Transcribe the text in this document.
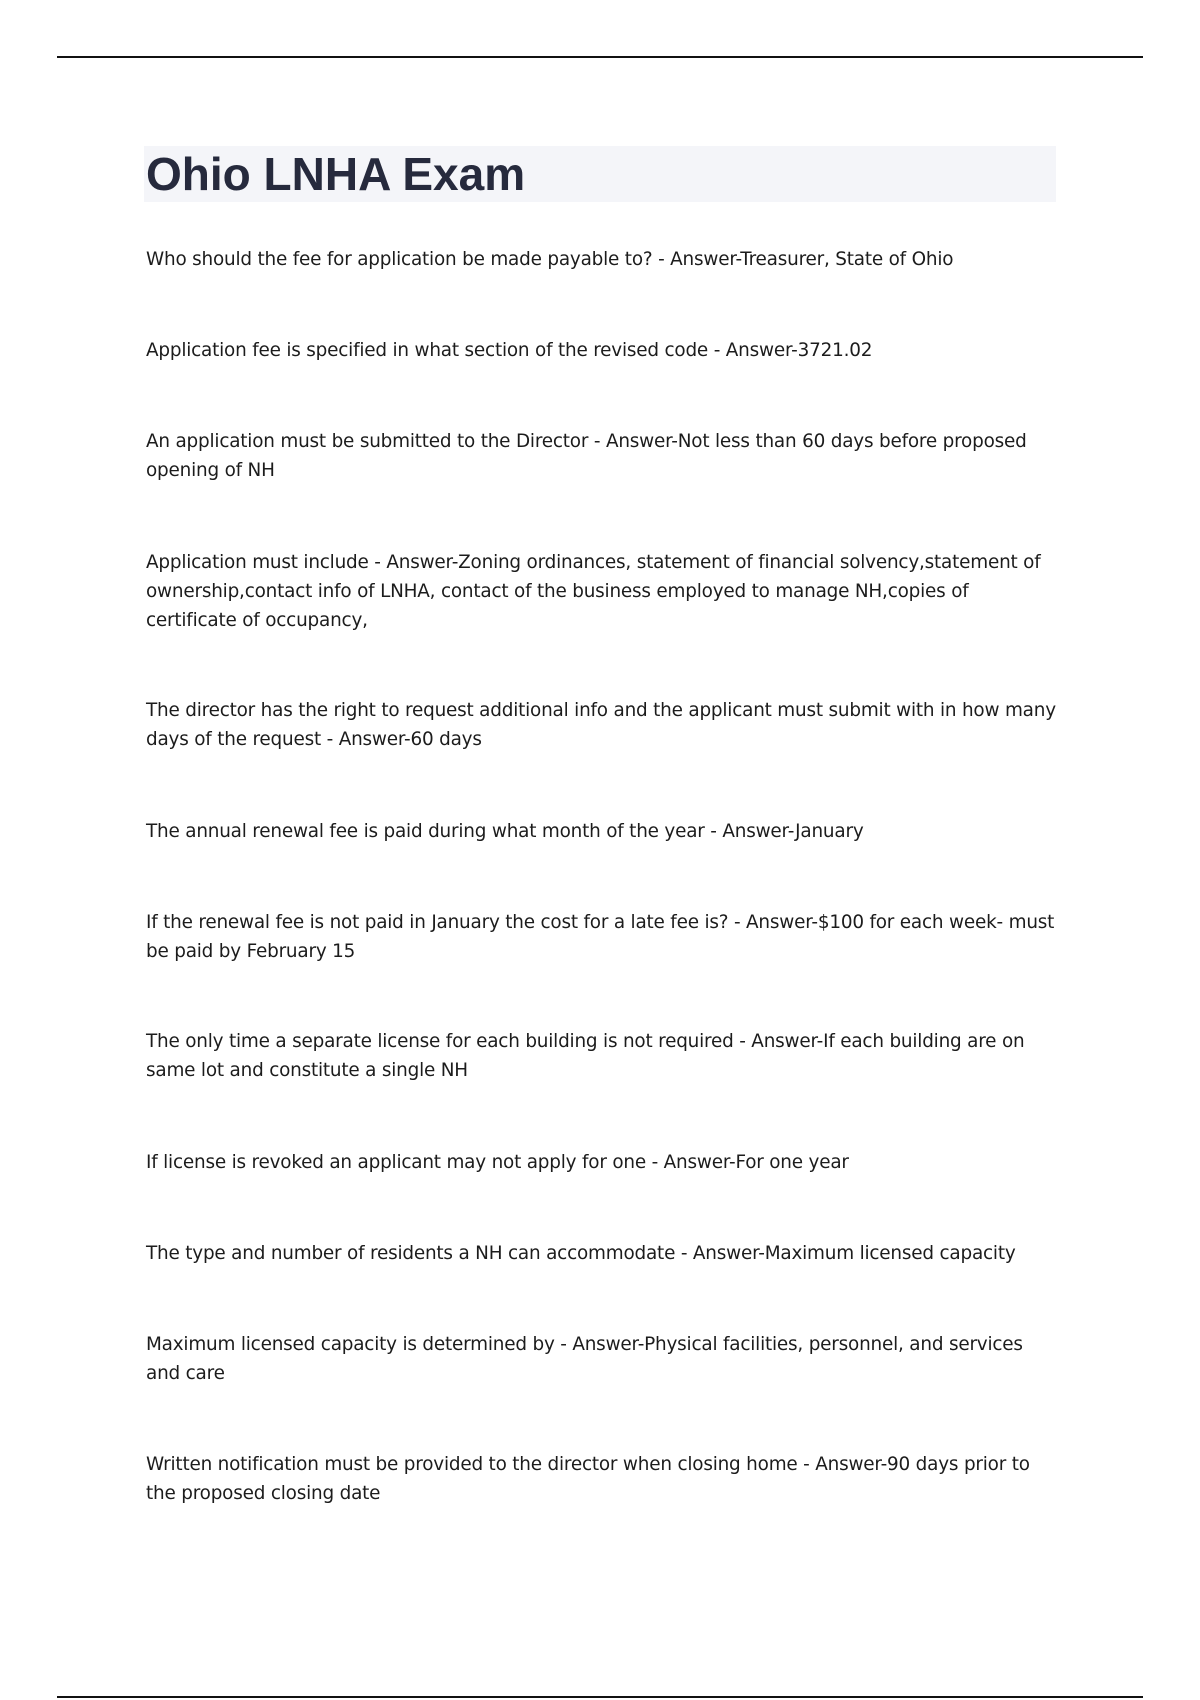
Ohio LNHA Exam

Who should the fee for application be made payable to? - Answer-Treasurer, State of Ohio

Application fee is specified in what section of the revised code - Answer-3721.02

An application must be submitted to the Director - Answer-Not less than 60 days before proposed opening of NH

Application must include - Answer-Zoning ordinances, statement of financial solvency,statement of ownership,contact info of LNHA, contact of the business employed to manage NH,copies of certificate of occupancy,

The director has the right to request additional info and the applicant must submit with in how many days of the request - Answer-60 days

The annual renewal fee is paid during what month of the year - Answer-January

If the renewal fee is not paid in January the cost for a late fee is? - Answer-$100 for each week- must be paid by February 15

The only time a separate license for each building is not required - Answer-If each building are on same lot and constitute a single NH

If license is revoked an applicant may not apply for one - Answer-For one year

The type and number of residents a NH can accommodate - Answer-Maximum licensed capacity

Maximum licensed capacity is determined by - Answer-Physical facilities, personnel, and services and care

Written notification must be provided to the director when closing home - Answer-90 days prior to the proposed closing date
